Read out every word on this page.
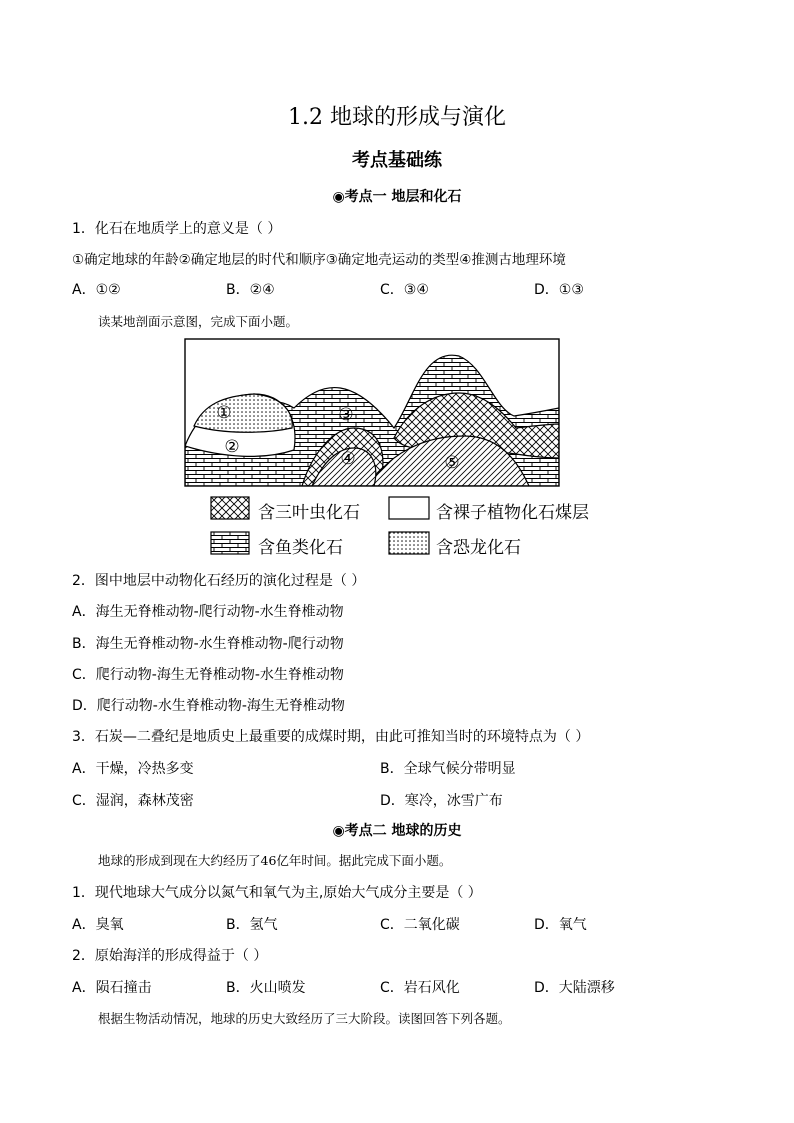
1.2 地球的形成与演化
考点基础练
◉考点一 地层和化石
1．化石在地质学上的意义是（ ）
①确定地球的年龄②确定地层的时代和顺序③确定地壳运动的类型④推测古地理环境
A．①②	B．②④	C．③④	D．①③
读某地剖面示意图，完成下面小题。
①
②
③
④	⑤
含三叶虫化石	含裸子植物化石煤层
含鱼类化石	含恐龙化石
2．图中地层中动物化石经历的演化过程是（ ）
A．海生无脊椎动物-爬行动物-水生脊椎动物
B．海生无脊椎动物-水生脊椎动物-爬行动物
C．爬行动物-海生无脊椎动物-水生脊椎动物
D．爬行动物-水生脊椎动物-海生无脊椎动物
3．石炭—二叠纪是地质史上最重要的成煤时期，由此可推知当时的环境特点为（ ）
A．干燥，冷热多变	B．全球气候分带明显
C．湿润，森林茂密	D．寒冷，冰雪广布
◉考点二 地球的历史
地球的形成到现在大约经历了46亿年时间。据此完成下面小题。
1．现代地球大气成分以氮气和氧气为主,原始大气成分主要是（ ）
A．臭氧	B．氢气	C．二氧化碳	D．氧气
2．原始海洋的形成得益于（ ）
A．陨石撞击	B．火山喷发	C．岩石风化	D．大陆漂移
根据生物活动情况，地球的历史大致经历了三大阶段。读图回答下列各题。
